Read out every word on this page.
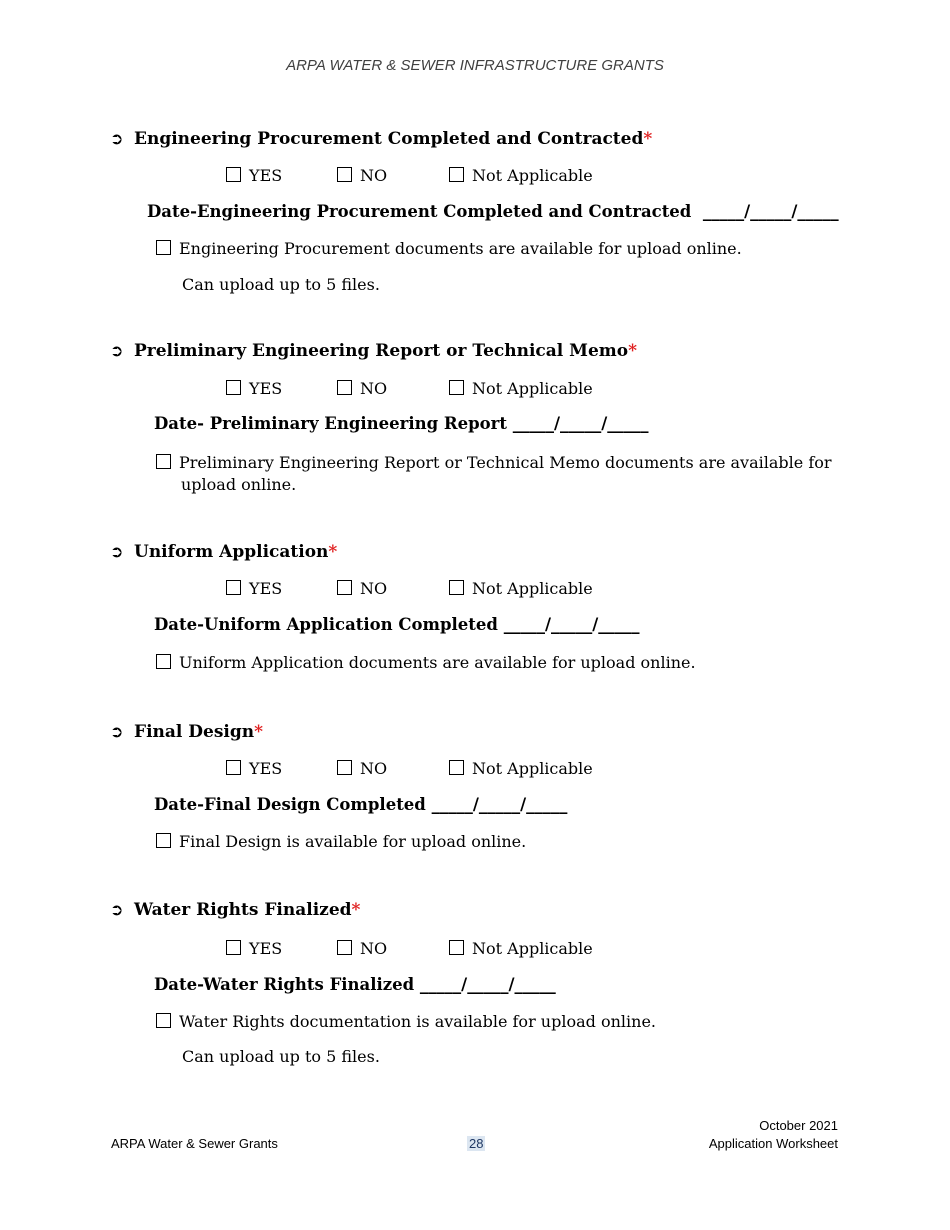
ARPA WATER & SEWER INFRASTRUCTURE GRANTS
➲ Engineering Procurement Completed and Contracted*
YES	NO	Not Applicable
Date-Engineering Procurement Completed and Contracted  _____/_____/_____
Engineering Procurement documents are available for upload online.
Can upload up to 5 files.
➲ Preliminary Engineering Report or Technical Memo*
YES	NO	Not Applicable
Date- Preliminary Engineering Report _____/_____/_____
Preliminary Engineering Report or Technical Memo documents are available for
upload online.
➲ Uniform Application*
YES	NO	Not Applicable
Date-Uniform Application Completed _____/_____/_____
Uniform Application documents are available for upload online.
➲ Final Design*
YES	NO	Not Applicable
Date-Final Design Completed _____/_____/_____
Final Design is available for upload online.
➲ Water Rights Finalized*
YES	NO	Not Applicable
Date-Water Rights Finalized _____/_____/_____
Water Rights documentation is available for upload online.
Can upload up to 5 files.
ARPA Water & Sewer Grants	28
October 2021
Application Worksheet
